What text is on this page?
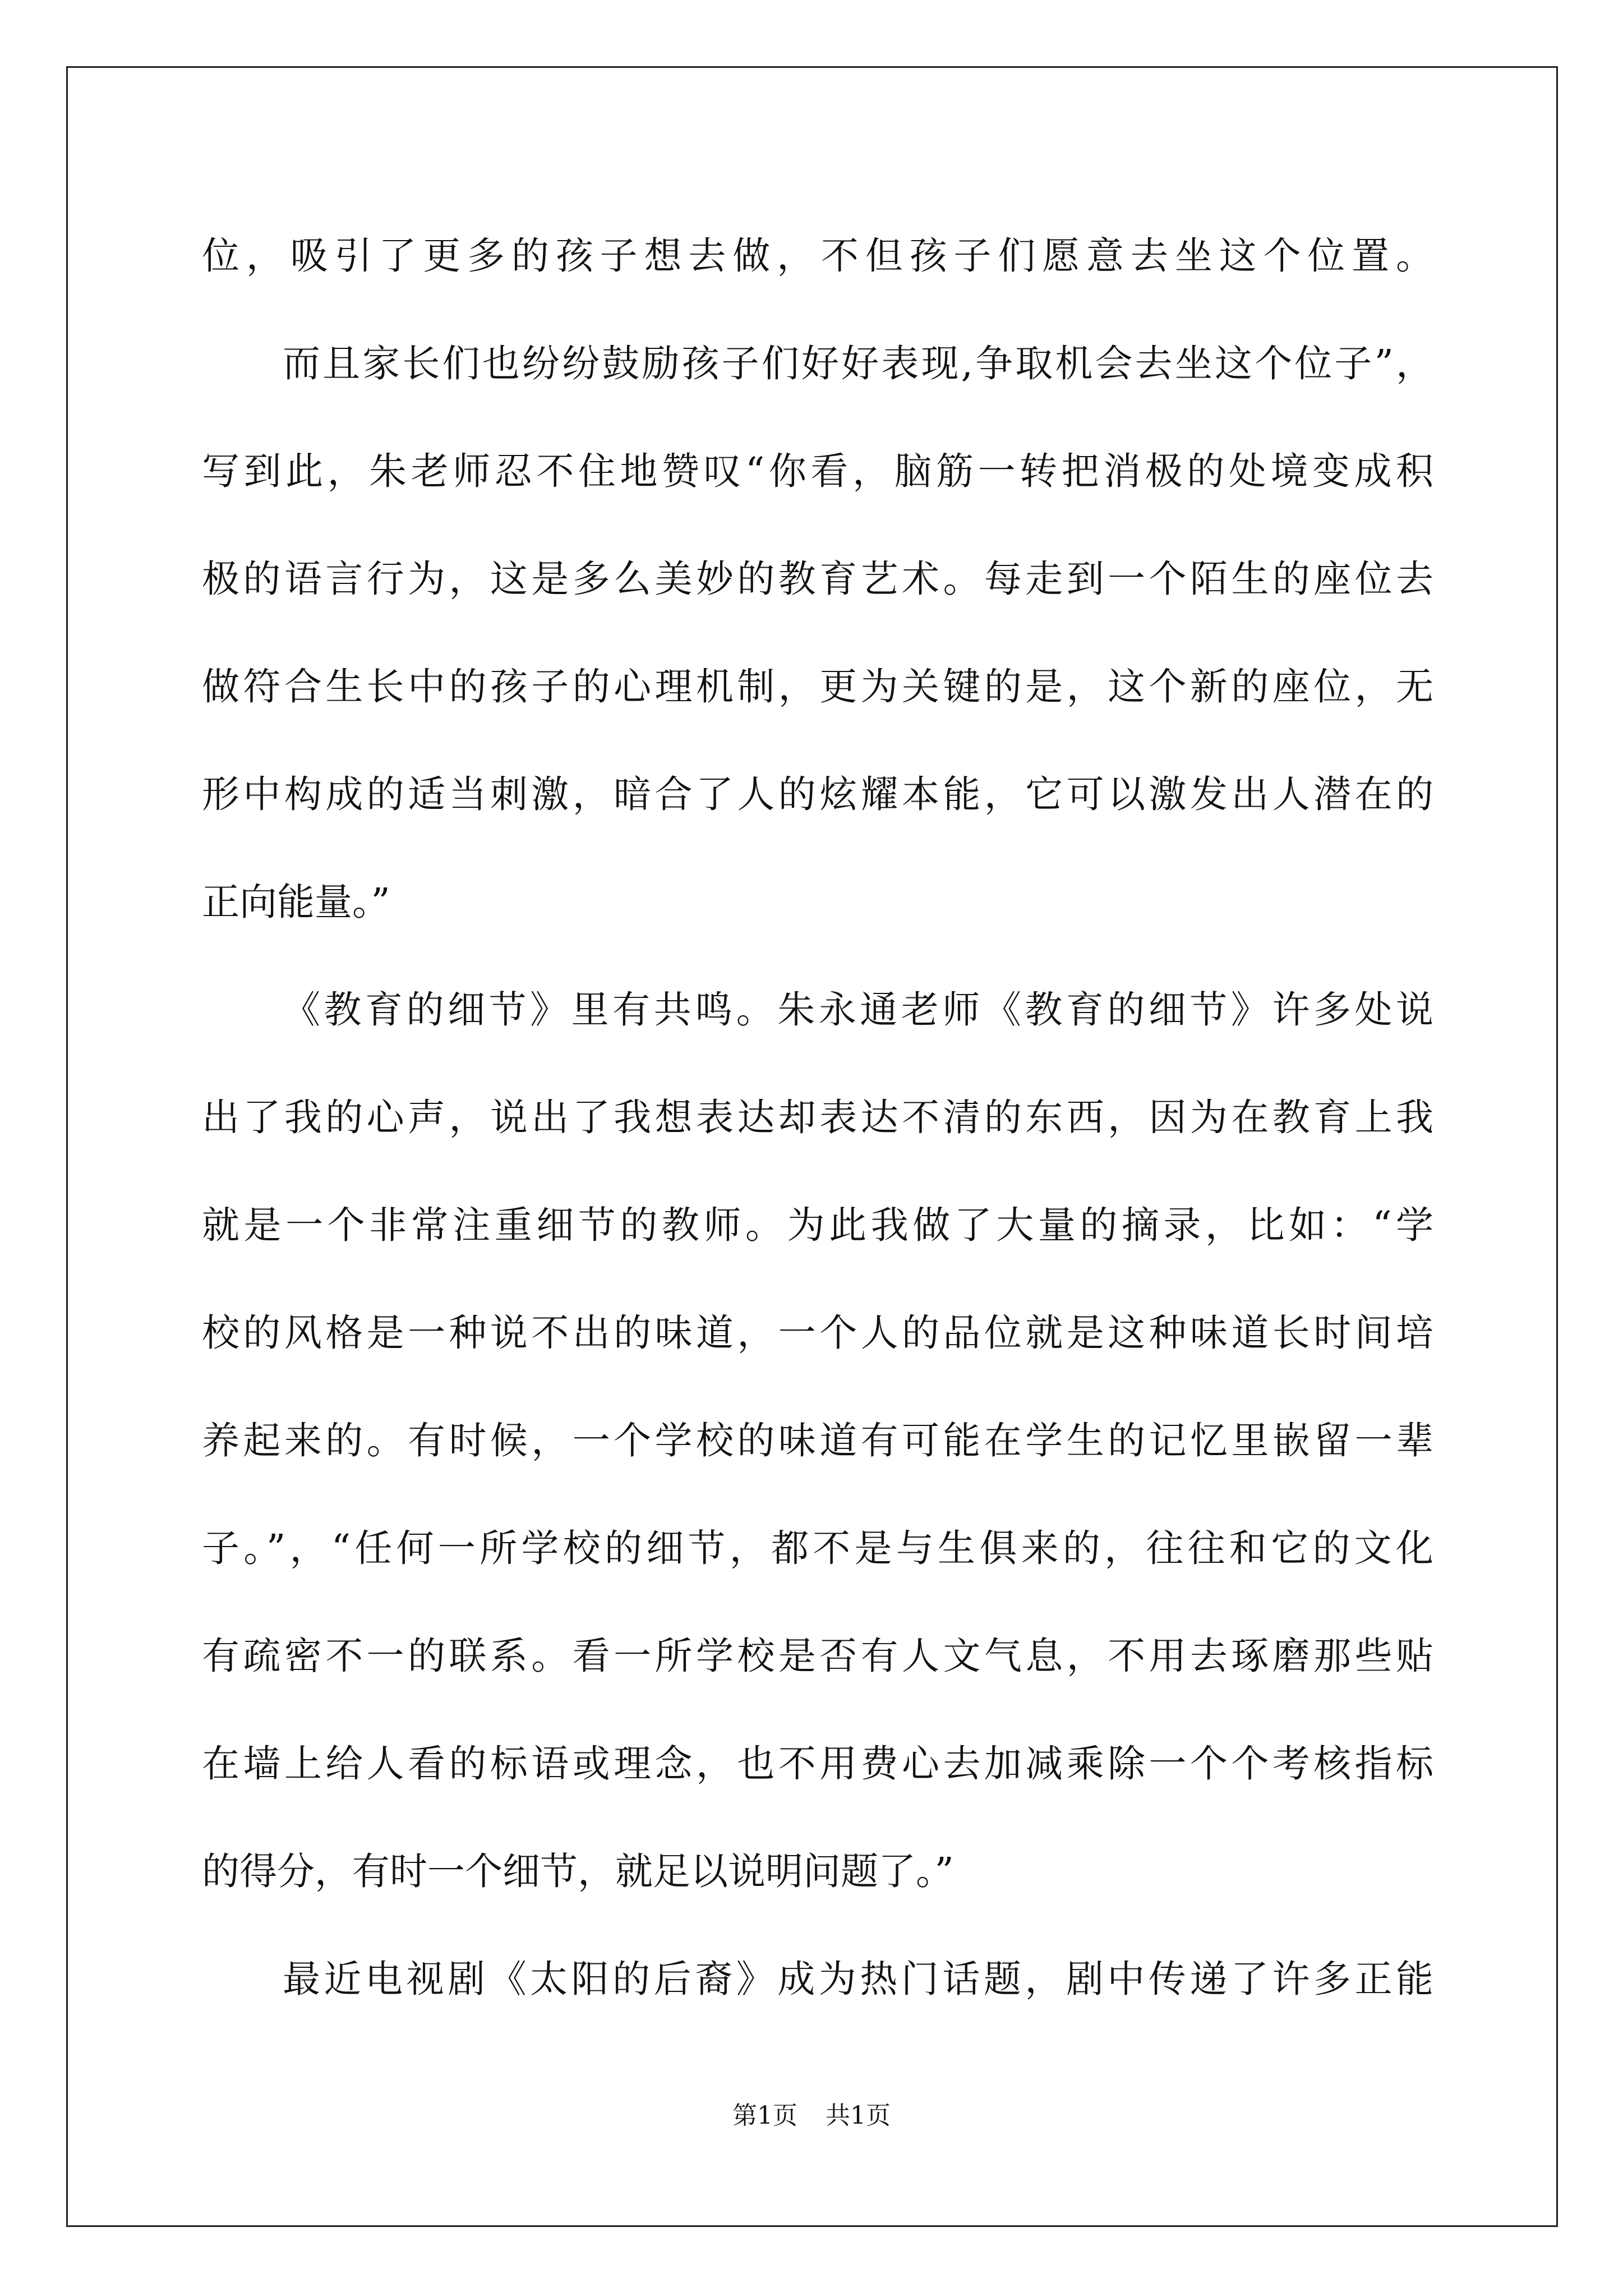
位，吸引了更多的孩子想去做，不但孩子们愿意去坐这个位置。
而且家长们也纷纷鼓励孩子们好好表现,争取机会去坐这个位子”，
写到此，朱老师忍不住地赞叹“你看，脑筋一转把消极的处境变成积
极的语言行为，这是多么美妙的教育艺术。每走到一个陌生的座位去
做符合生长中的孩子的心理机制，更为关键的是，这个新的座位，无
形中构成的适当刺激，暗合了人的炫耀本能，它可以激发出人潜在的
正向能量。”
《教育的细节》里有共鸣。朱永通老师《教育的细节》许多处说
出了我的心声，说出了我想表达却表达不清的东西，因为在教育上我
就是一个非常注重细节的教师。为此我做了大量的摘录，比如：“学
校的风格是一种说不出的味道，一个人的品位就是这种味道长时间培
养起来的。有时候，一个学校的味道有可能在学生的记忆里嵌留一辈
子。”，“任何一所学校的细节，都不是与生俱来的，往往和它的文化
有疏密不一的联系。看一所学校是否有人文气息，不用去琢磨那些贴
在墙上给人看的标语或理念，也不用费心去加减乘除一个个考核指标
的得分，有时一个细节，就足以说明问题了。”
最近电视剧《太阳的后裔》成为热门话题，剧中传递了许多正能
第1页 共1页
